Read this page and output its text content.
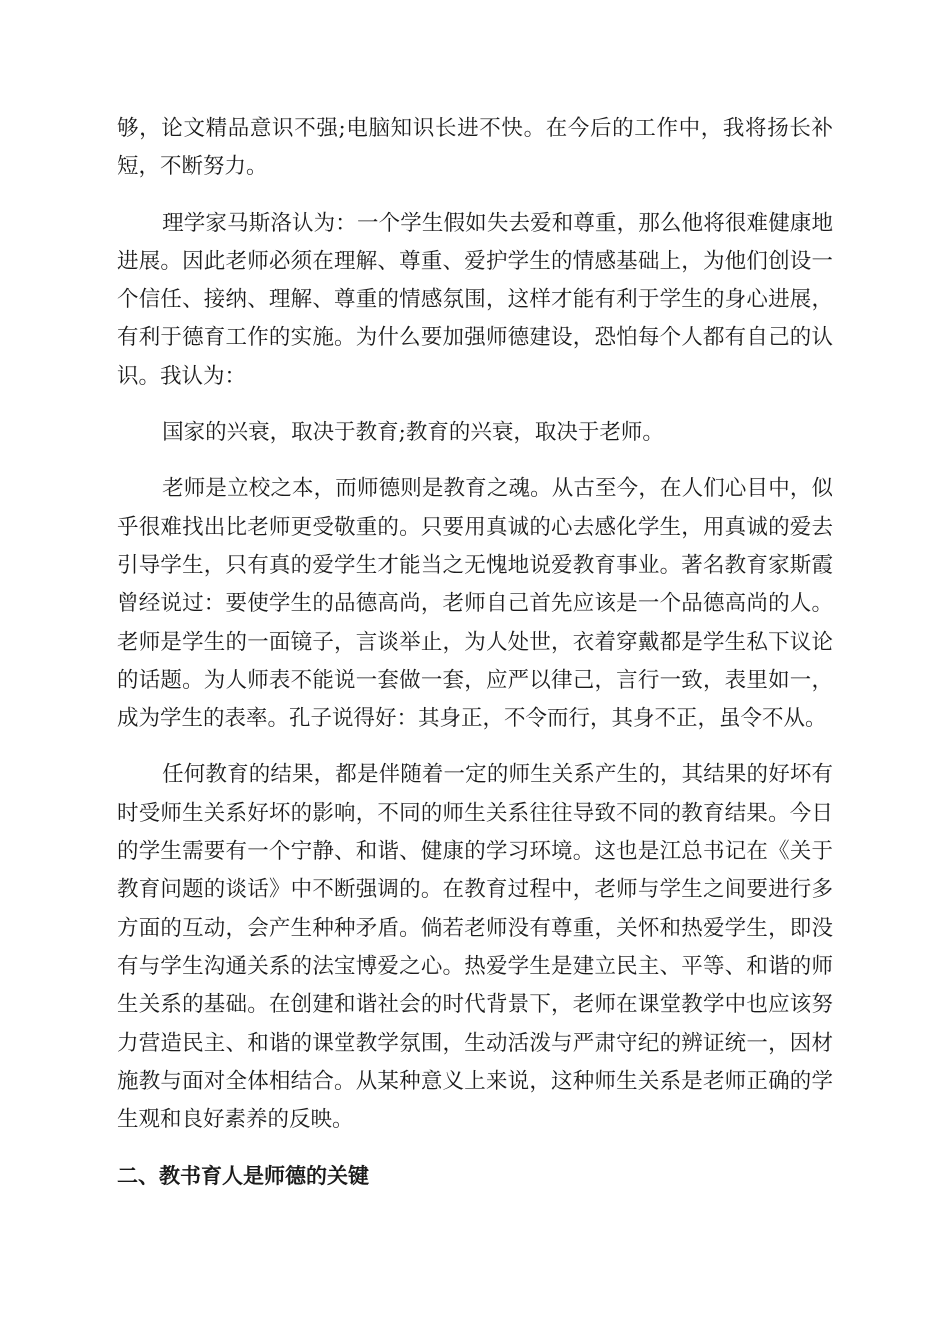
够，论文精品意识不强;电脑知识长进不快。在今后的工作中，我将扬长补短，不断努力。

理学家马斯洛认为：一个学生假如失去爱和尊重，那么他将很难健康地进展。因此老师必须在理解、尊重、爱护学生的情感基础上，为他们创设一个信任、接纳、理解、尊重的情感氛围，这样才能有利于学生的身心进展，有利于德育工作的实施。为什么要加强师德建设，恐怕每个人都有自己的认识。我认为：

国家的兴衰，取决于教育;教育的兴衰，取决于老师。

老师是立校之本，而师德则是教育之魂。从古至今，在人们心目中，似乎很难找出比老师更受敬重的。只要用真诚的心去感化学生，用真诚的爱去引导学生，只有真的爱学生才能当之无愧地说爱教育事业。著名教育家斯霞曾经说过：要使学生的品德高尚，老师自己首先应该是一个品德高尚的人。老师是学生的一面镜子，言谈举止，为人处世，衣着穿戴都是学生私下议论的话题。为人师表不能说一套做一套，应严以律己，言行一致，表里如一，成为学生的表率。孔子说得好：其身正，不令而行，其身不正，虽令不从。

任何教育的结果，都是伴随着一定的师生关系产生的，其结果的好坏有时受师生关系好坏的影响，不同的师生关系往往导致不同的教育结果。今日的学生需要有一个宁静、和谐、健康的学习环境。这也是江总书记在《关于教育问题的谈话》中不断强调的。在教育过程中，老师与学生之间要进行多方面的互动，会产生种种矛盾。倘若老师没有尊重，关怀和热爱学生，即没有与学生沟通关系的法宝博爱之心。热爱学生是建立民主、平等、和谐的师生关系的基础。在创建和谐社会的时代背景下，老师在课堂教学中也应该努力营造民主、和谐的课堂教学氛围，生动活泼与严肃守纪的辨证统一，因材施教与面对全体相结合。从某种意义上来说，这种师生关系是老师正确的学生观和良好素养的反映。

二、教书育人是师德的关键
